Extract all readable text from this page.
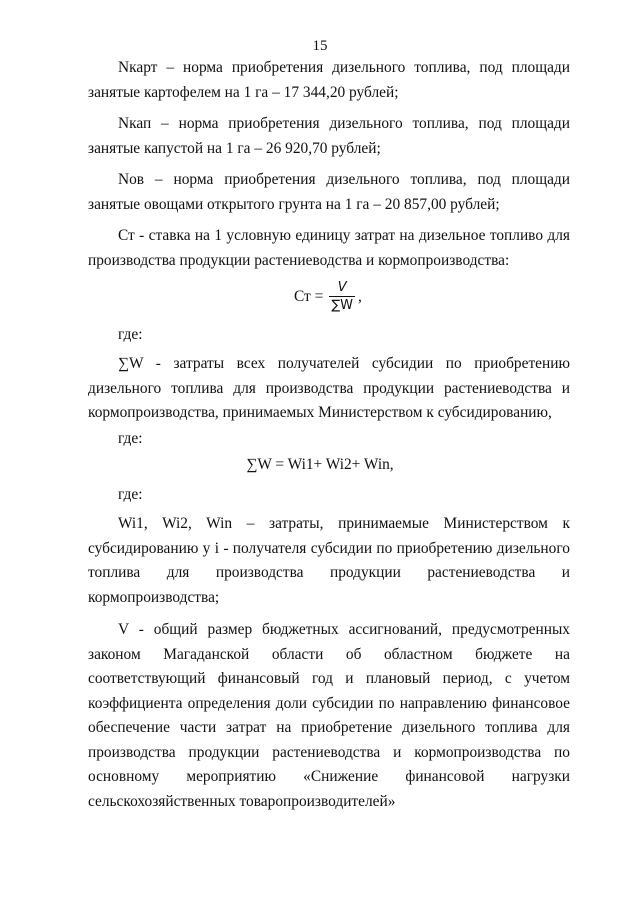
15

Nкарт – норма приобретения дизельного топлива, под площади занятые картофелем на 1 га – 17 344,20 рублей;

Nкап – норма приобретения дизельного топлива, под площади занятые капустой на 1 га – 26 920,70 рублей;

Nов – норма приобретения дизельного топлива, под площади занятые овощами открытого грунта на 1 га – 20 857,00 рублей;

Ст - ставка на 1 условную единицу затрат на дизельное топливо для производства продукции растениеводства и кормопроизводства:

Ст = $\frac{V}{\sum W}$ ,
где:

∑W - затраты всех получателей субсидии по приобретению дизельного топлива для производства продукции растениеводства и кормопроизводства, принимаемых Министерством к субсидированию,

где:
∑W = Wi1+ Wi2+ Win,
где:

Wi1, Wi2, Win – затраты, принимаемые Министерством к субсидированию у i - получателя субсидии по приобретению дизельного топлива для производства продукции растениеводства и кормопроизводства;

V - общий размер бюджетных ассигнований, предусмотренных законом Магаданской области об областном бюджете на соответствующий финансовый год и плановый период, с учетом коэффициента определения доли субсидии по направлению финансовое обеспечение части затрат на приобретение дизельного топлива для производства продукции растениеводства и кормопроизводства по основному мероприятию «Снижение финансовой нагрузки сельскохозяйственных товаропроизводителей»
